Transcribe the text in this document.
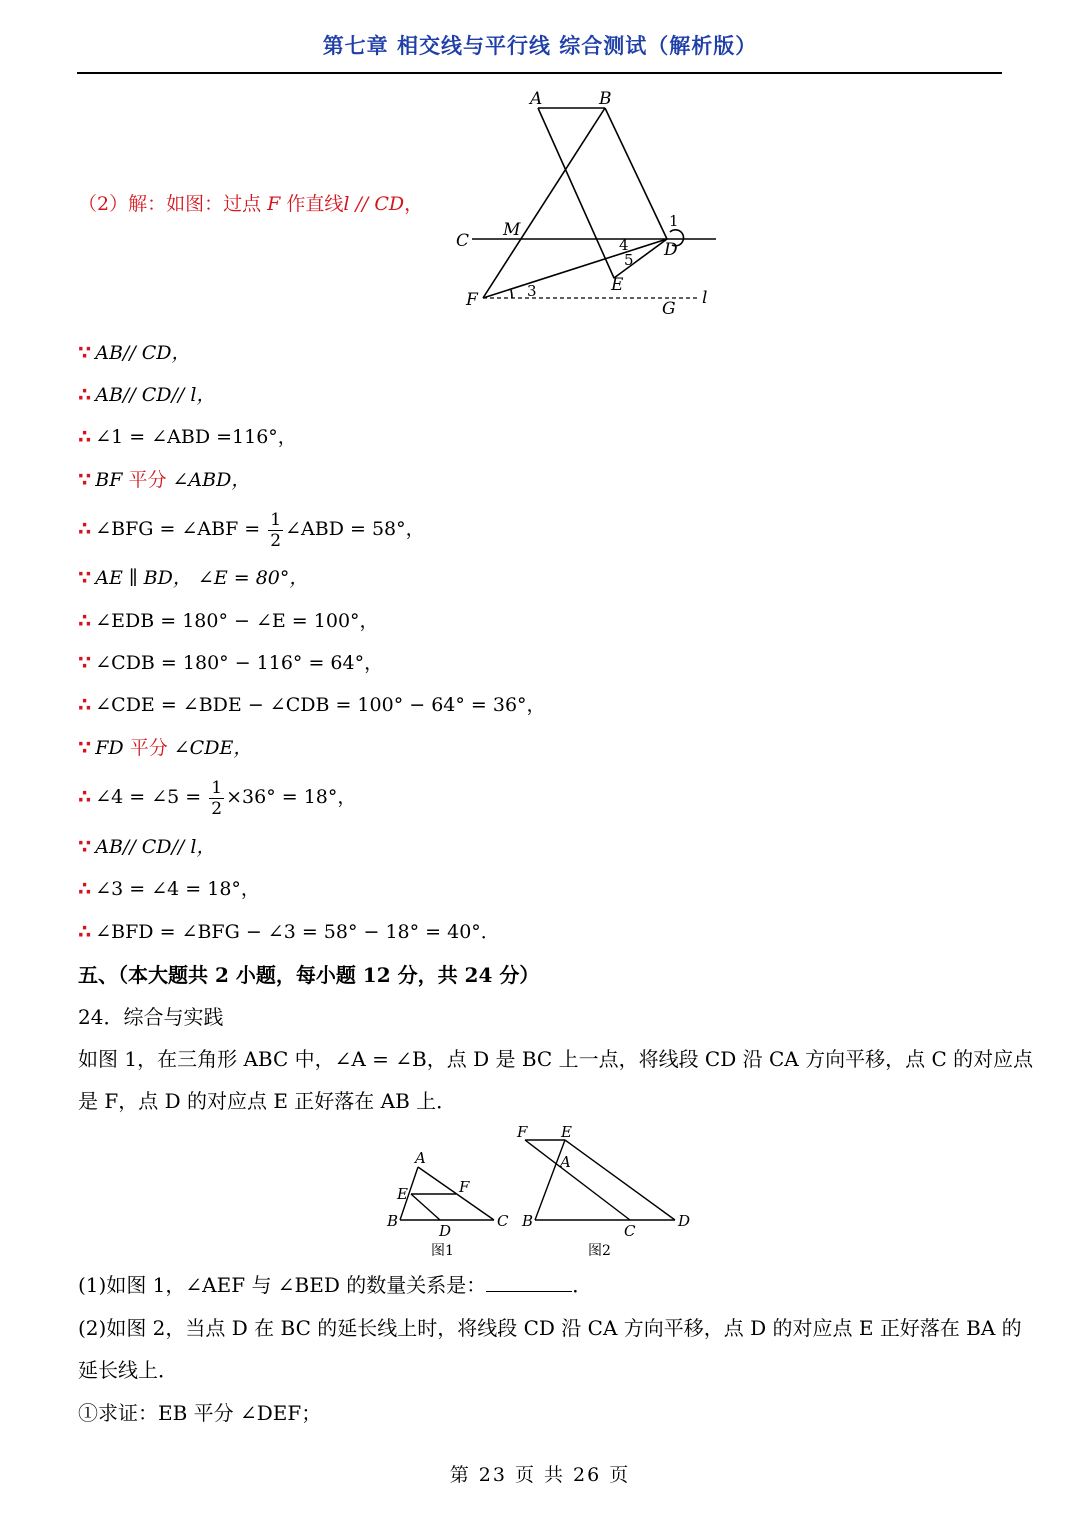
第七章 相交线与平行线 综合测试（解析版）
A	B
C
M
D
E
F	G
l
1
3
4
5
（2）解：如图：过点 F 作直线l // CD，
∵ AB// CD，
∴ AB// CD// l，
∴ ∠1 = ∠ABD =116°，
∵ BF 平分 ∠ABD，
∴ ∠BFG = ∠ABF = $\frac{1}{2}$ ∠ABD = 58°，
∵ AE ∥ BD， ∠E = 80°，
∴ ∠EDB = 180° − ∠E = 100°，
∵ ∠CDB = 180° − 116° = 64°，
∴ ∠CDE = ∠BDE − ∠CDB = 100° − 64° = 36°，
∵ FD 平分 ∠CDE，
∴ ∠4 = ∠5 = $\frac{1}{2} \times 36^\circ = 18^\circ$，
∵ AB// CD// l，
∴ ∠3 = ∠4 = 18°，
∴ ∠BFD = ∠BFG − ∠3 = 58° − 18° = 40°．
五、（本大题共 2 小题，每小题 12 分，共 24 分）
24．综合与实践
如图 1，在三角形 ABC 中，∠A = ∠B，点 D 是 BC 上一点，将线段 CD 沿 CA 方向平移，点 C 的对应点
是 F，点 D 的对应点 E 正好落在 AB 上．
A
E	F
B
D
C
F E
A
B
C
D
图1	图2
(1)如图 1，∠AEF 与 ∠BED 的数量关系是：	．
(2)如图 2，当点 D 在 BC 的延长线上时，将线段 CD 沿 CA 方向平移，点 D 的对应点 E 正好落在 BA 的
延长线上．
①求证：EB 平分 ∠DEF；
第 23 页 共 26 页
